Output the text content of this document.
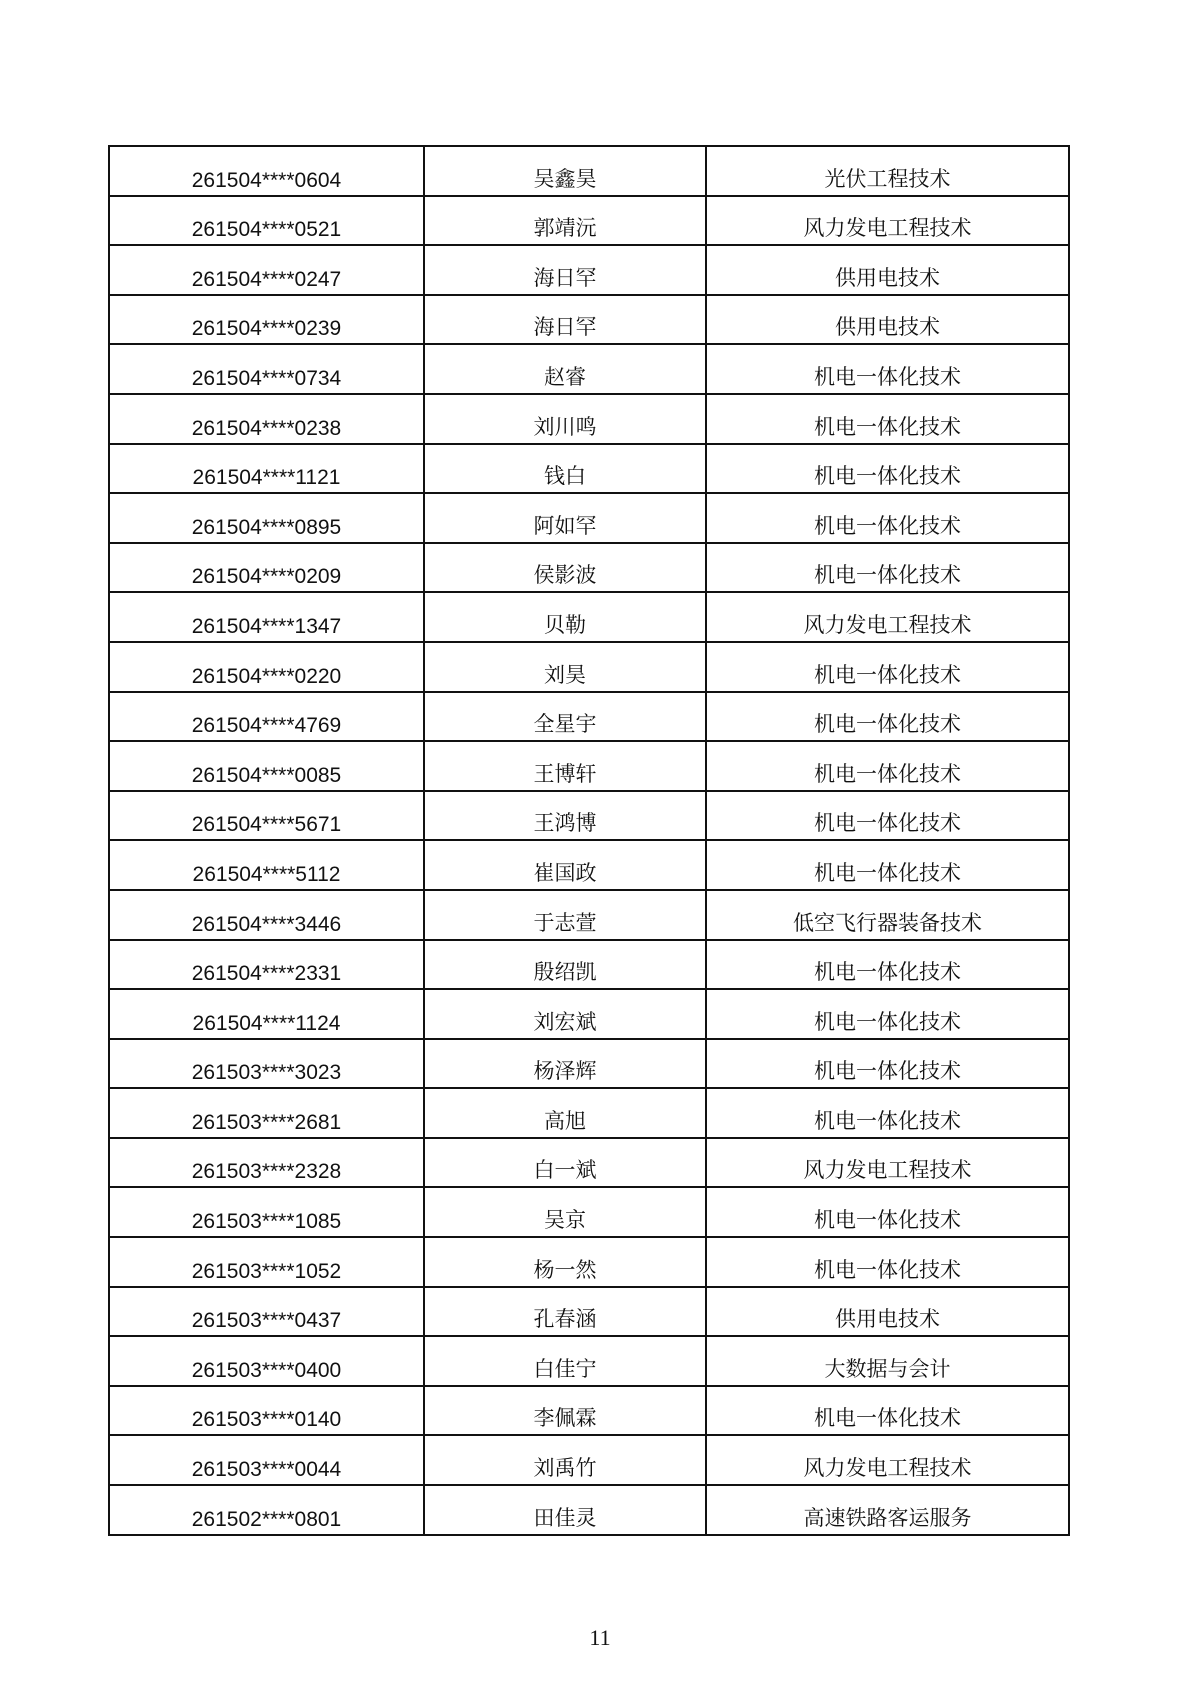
261504****0604	吴鑫昊	光伏工程技术
261504****0521	郭靖沅	风力发电工程技术
261504****0247	海日罕	供用电技术
261504****0239	海日罕	供用电技术
261504****0734	赵睿	机电一体化技术
261504****0238	刘川鸣	机电一体化技术
261504****1121	钱白	机电一体化技术
261504****0895	阿如罕	机电一体化技术
261504****0209	侯影波	机电一体化技术
261504****1347	贝勒	风力发电工程技术
261504****0220	刘昊	机电一体化技术
261504****4769	全星宇	机电一体化技术
261504****0085	王博轩	机电一体化技术
261504****5671	王鸿博	机电一体化技术
261504****5112	崔国政	机电一体化技术
261504****3446	于志萱	低空飞行器装备技术
261504****2331	殷绍凯	机电一体化技术
261504****1124	刘宏斌	机电一体化技术
261503****3023	杨泽辉	机电一体化技术
261503****2681	高旭	机电一体化技术
261503****2328	白一斌	风力发电工程技术
261503****1085	吴京	机电一体化技术
261503****1052	杨一然	机电一体化技术
261503****0437	孔春涵	供用电技术
261503****0400	白佳宁	大数据与会计
261503****0140	李佩霖	机电一体化技术
261503****0044	刘禹竹	风力发电工程技术
261502****0801	田佳灵	高速铁路客运服务
11
